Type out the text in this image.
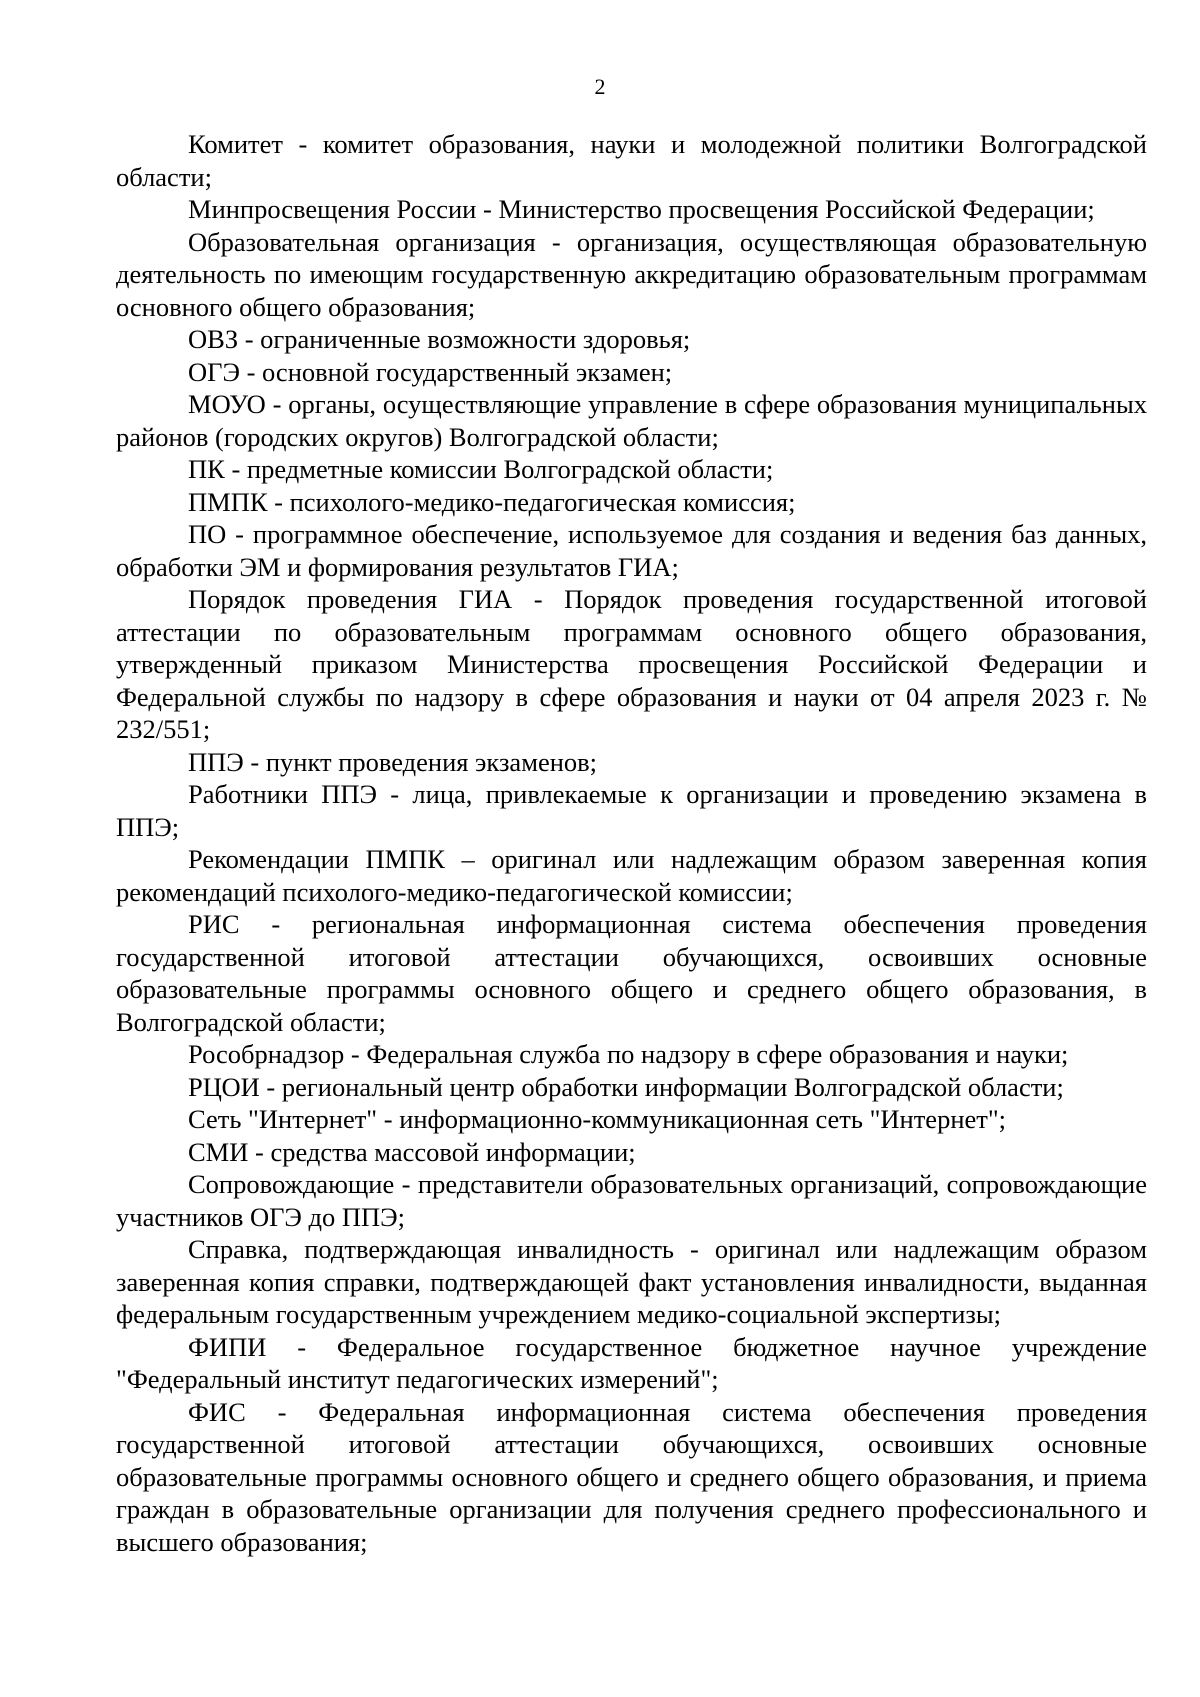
2

Комитет - комитет образования, науки и молодежной политики Волгоградской области;

Минпросвещения России - Министерство просвещения Российской Федерации;

Образовательная организация - организация, осуществляющая образовательную деятельность по имеющим государственную аккредитацию образовательным программам основного общего образования;

ОВЗ - ограниченные возможности здоровья;

ОГЭ - основной государственный экзамен;

МОУО - органы, осуществляющие управление в сфере образования муниципальных районов (городских округов) Волгоградской области;

ПК - предметные комиссии Волгоградской области;

ПМПК - психолого-медико-педагогическая комиссия;

ПО - программное обеспечение, используемое для создания и ведения баз данных, обработки ЭМ и формирования результатов ГИА;

Порядок проведения ГИА - Порядок проведения государственной итоговой аттестации по образовательным программам основного общего образования, утвержденный приказом Министерства просвещения Российской Федерации и Федеральной службы по надзору в сфере образования и науки от 04 апреля 2023 г. № 232/551;

ППЭ - пункт проведения экзаменов;

Работники ППЭ - лица, привлекаемые к организации и проведению экзамена в ППЭ;

Рекомендации ПМПК – оригинал или надлежащим образом заверенная копия рекомендаций психолого-медико-педагогической комиссии;

РИС - региональная информационная система обеспечения проведения государственной итоговой аттестации обучающихся, освоивших основные образовательные программы основного общего и среднего общего образования, в Волгоградской области;

Рособрнадзор - Федеральная служба по надзору в сфере образования и науки;

РЦОИ - региональный центр обработки информации Волгоградской области;

Сеть "Интернет" - информационно-коммуникационная сеть "Интернет";

СМИ - средства массовой информации;

Сопровождающие - представители образовательных организаций, сопровождающие участников ОГЭ до ППЭ;

Справка, подтверждающая инвалидность - оригинал или надлежащим образом заверенная копия справки, подтверждающей факт установления инвалидности, выданная федеральным государственным учреждением медико-социальной экспертизы;

ФИПИ - Федеральное государственное бюджетное научное учреждение "Федеральный институт педагогических измерений";

ФИС - Федеральная информационная система обеспечения проведения государственной итоговой аттестации обучающихся, освоивших основные образовательные программы основного общего и среднего общего образования, и приема граждан в образовательные организации для получения среднего профессионального и высшего образования;
